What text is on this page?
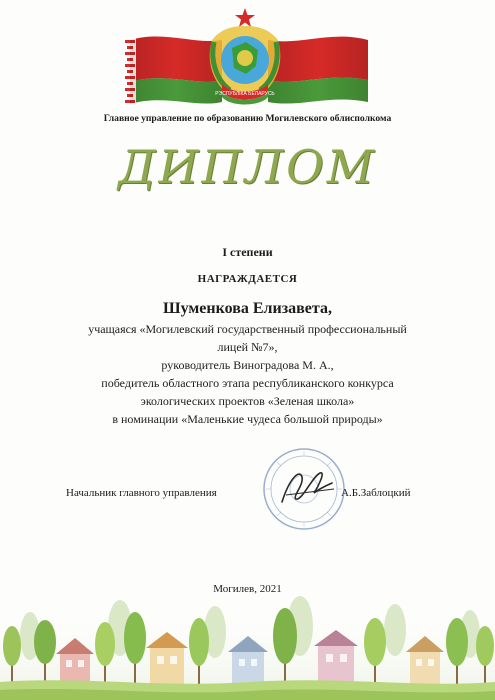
РЭСПУБЛІКА БЕЛАРУСЬ
Главное управление по образованию Могилевского облисполкома
ДИПЛОМ
I степени
НАГРАЖДАЕТСЯ
Шуменкова Елизавета,
учащаяся «Могилевский государственный профессиональный
лицей №7»,
руководитель Виноградова М. А.,
победитель областного этапа республиканского конкурса
экологических проектов «Зеленая школа»
в номинации «Маленькие чудеса большой природы»
Начальник главного управления	А.Б.Заблоцкий
Могилев, 2021
